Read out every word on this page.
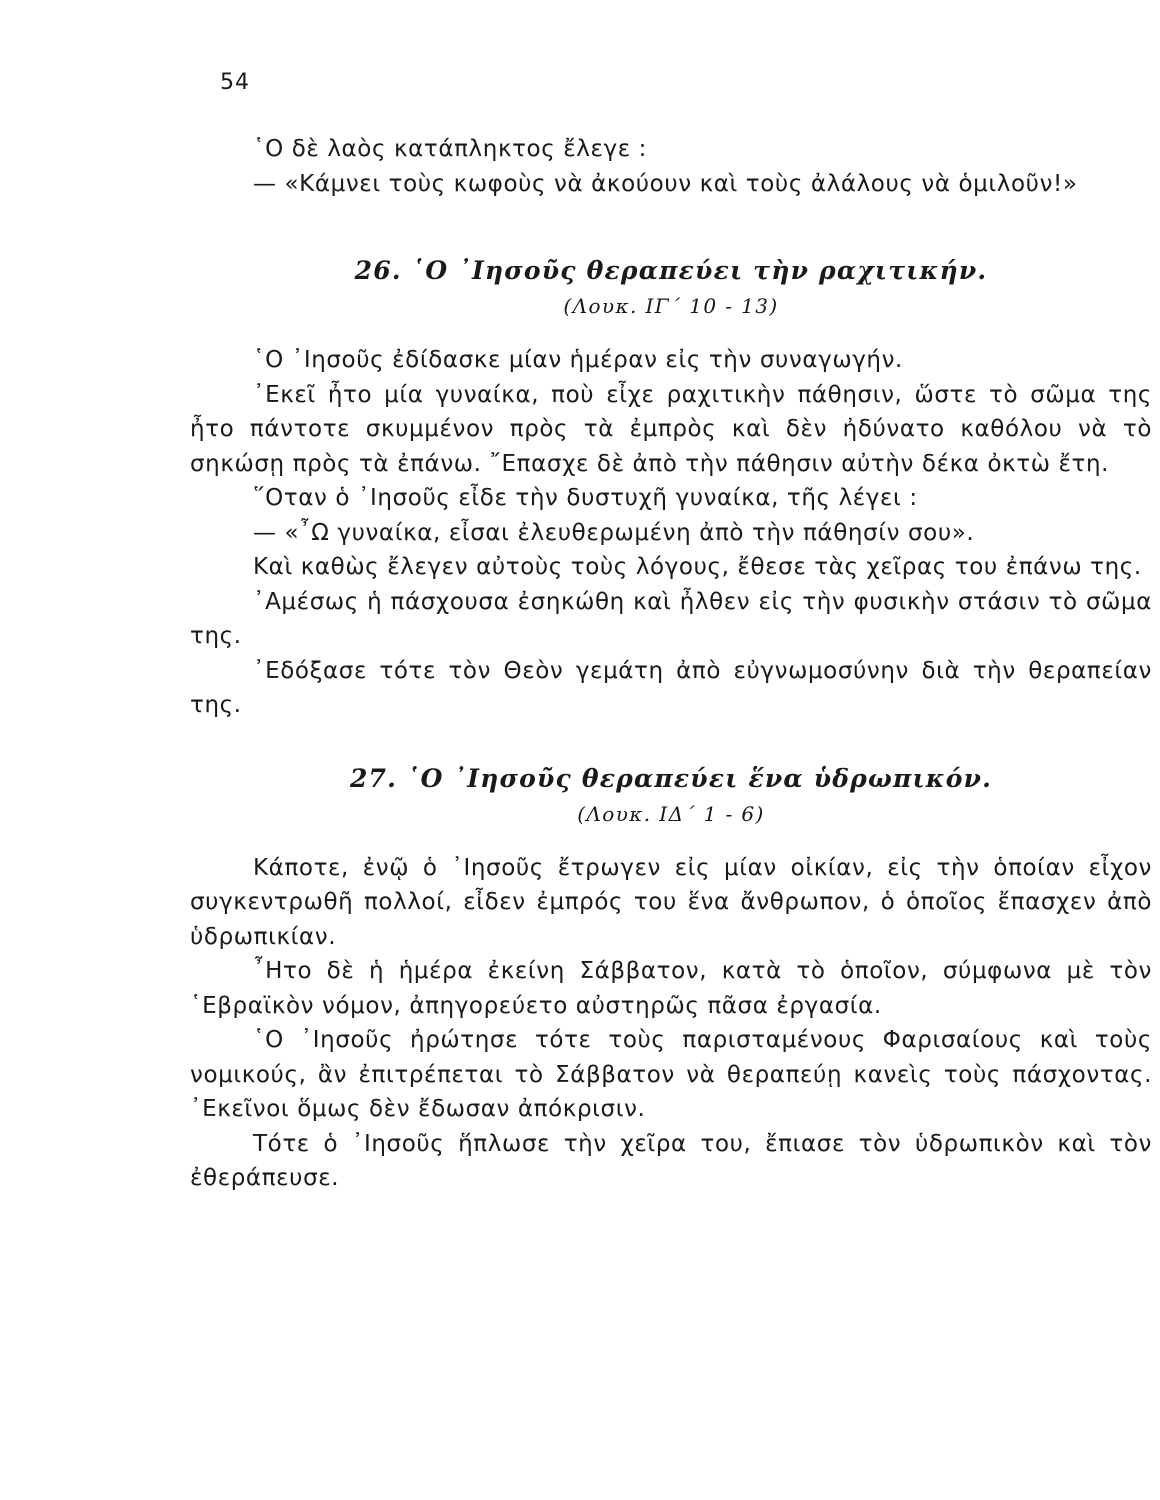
54

῾Ο δὲ λαὸς κατάπληκτος ἔλεγε :

— «Κάμνει τοὺς κωφοὺς νὰ ἀκούουν καὶ τοὺς ἀλάλους νὰ ὁμιλοῦν!»

26. ῾Ο ᾿Ιησοῦς θεραπεύει τὴν ραχιτικήν.
(Λουκ. ΙΓ΄ 10 - 13)

῾Ο ᾿Ιησοῦς ἐδίδασκε μίαν ἡμέραν εἰς τὴν συναγωγήν.

᾿Εκεῖ ἦτο μία γυναίκα, ποὺ εἶχε ραχιτικὴν πάθησιν, ὥστε τὸ σῶμα της ἦτο πάντοτε σκυμμένον πρὸς τὰ ἐμπρὸς καὶ δὲν ἠδύνατο καθόλου νὰ τὸ σηκώσῃ πρὸς τὰ ἐπάνω. ῎Επασχε δὲ ἀπὸ τὴν πάθησιν αὐτὴν δέκα ὀκτὼ ἔτη.

῞Οταν ὁ ᾿Ιησοῦς εἶδε τὴν δυστυχῆ γυναίκα, τῆς λέγει :

— «῏Ω γυναίκα, εἶσαι ἐλευθερωμένη ἀπὸ τὴν πάθησίν σου».

Καὶ καθὼς ἔλεγεν αὐτοὺς τοὺς λόγους, ἔθεσε τὰς χεῖρας του ἐπάνω της.

᾿Αμέσως ἡ πάσχουσα ἐσηκώθη καὶ ἦλθεν εἰς τὴν φυσικὴν στάσιν τὸ σῶμα της.

᾿Εδόξασε τότε τὸν Θεὸν γεμάτη ἀπὸ εὐγνωμοσύνην διὰ τὴν θεραπείαν της.

27. ῾Ο ᾿Ιησοῦς θεραπεύει ἕνα ὑδρωπικόν.
(Λουκ. ΙΔ΄ 1 - 6)

Κάποτε, ἐνῷ ὁ ᾿Ιησοῦς ἔτρωγεν εἰς μίαν οἰκίαν, εἰς τὴν ὁποίαν εἶχον συγκεντρωθῆ πολλοί, εἶδεν ἐμπρός του ἕνα ἄνθρωπον, ὁ ὁποῖος ἔπασχεν ἀπὸ ὑδρωπικίαν.

῏Ητο δὲ ἡ ἡμέρα ἐκείνη Σάββατον, κατὰ τὸ ὁποῖον, σύμφωνα μὲ τὸν ῾Εβραϊκὸν νόμον, ἀπηγορεύετο αὐστηρῶς πᾶσα ἐργασία.

῾Ο ᾿Ιησοῦς ἠρώτησε τότε τοὺς παρισταμένους Φαρισαίους καὶ τοὺς νομικούς, ἂν ἐπιτρέπεται τὸ Σάββατον νὰ θεραπεύῃ κανεὶς τοὺς πάσχοντας. ᾿Εκεῖνοι ὅμως δὲν ἔδωσαν ἀπόκρισιν.

Τότε ὁ ᾿Ιησοῦς ἥπλωσε τὴν χεῖρα του, ἔπιασε τὸν ὑδρωπικὸν καὶ τὸν ἐθεράπευσε.
